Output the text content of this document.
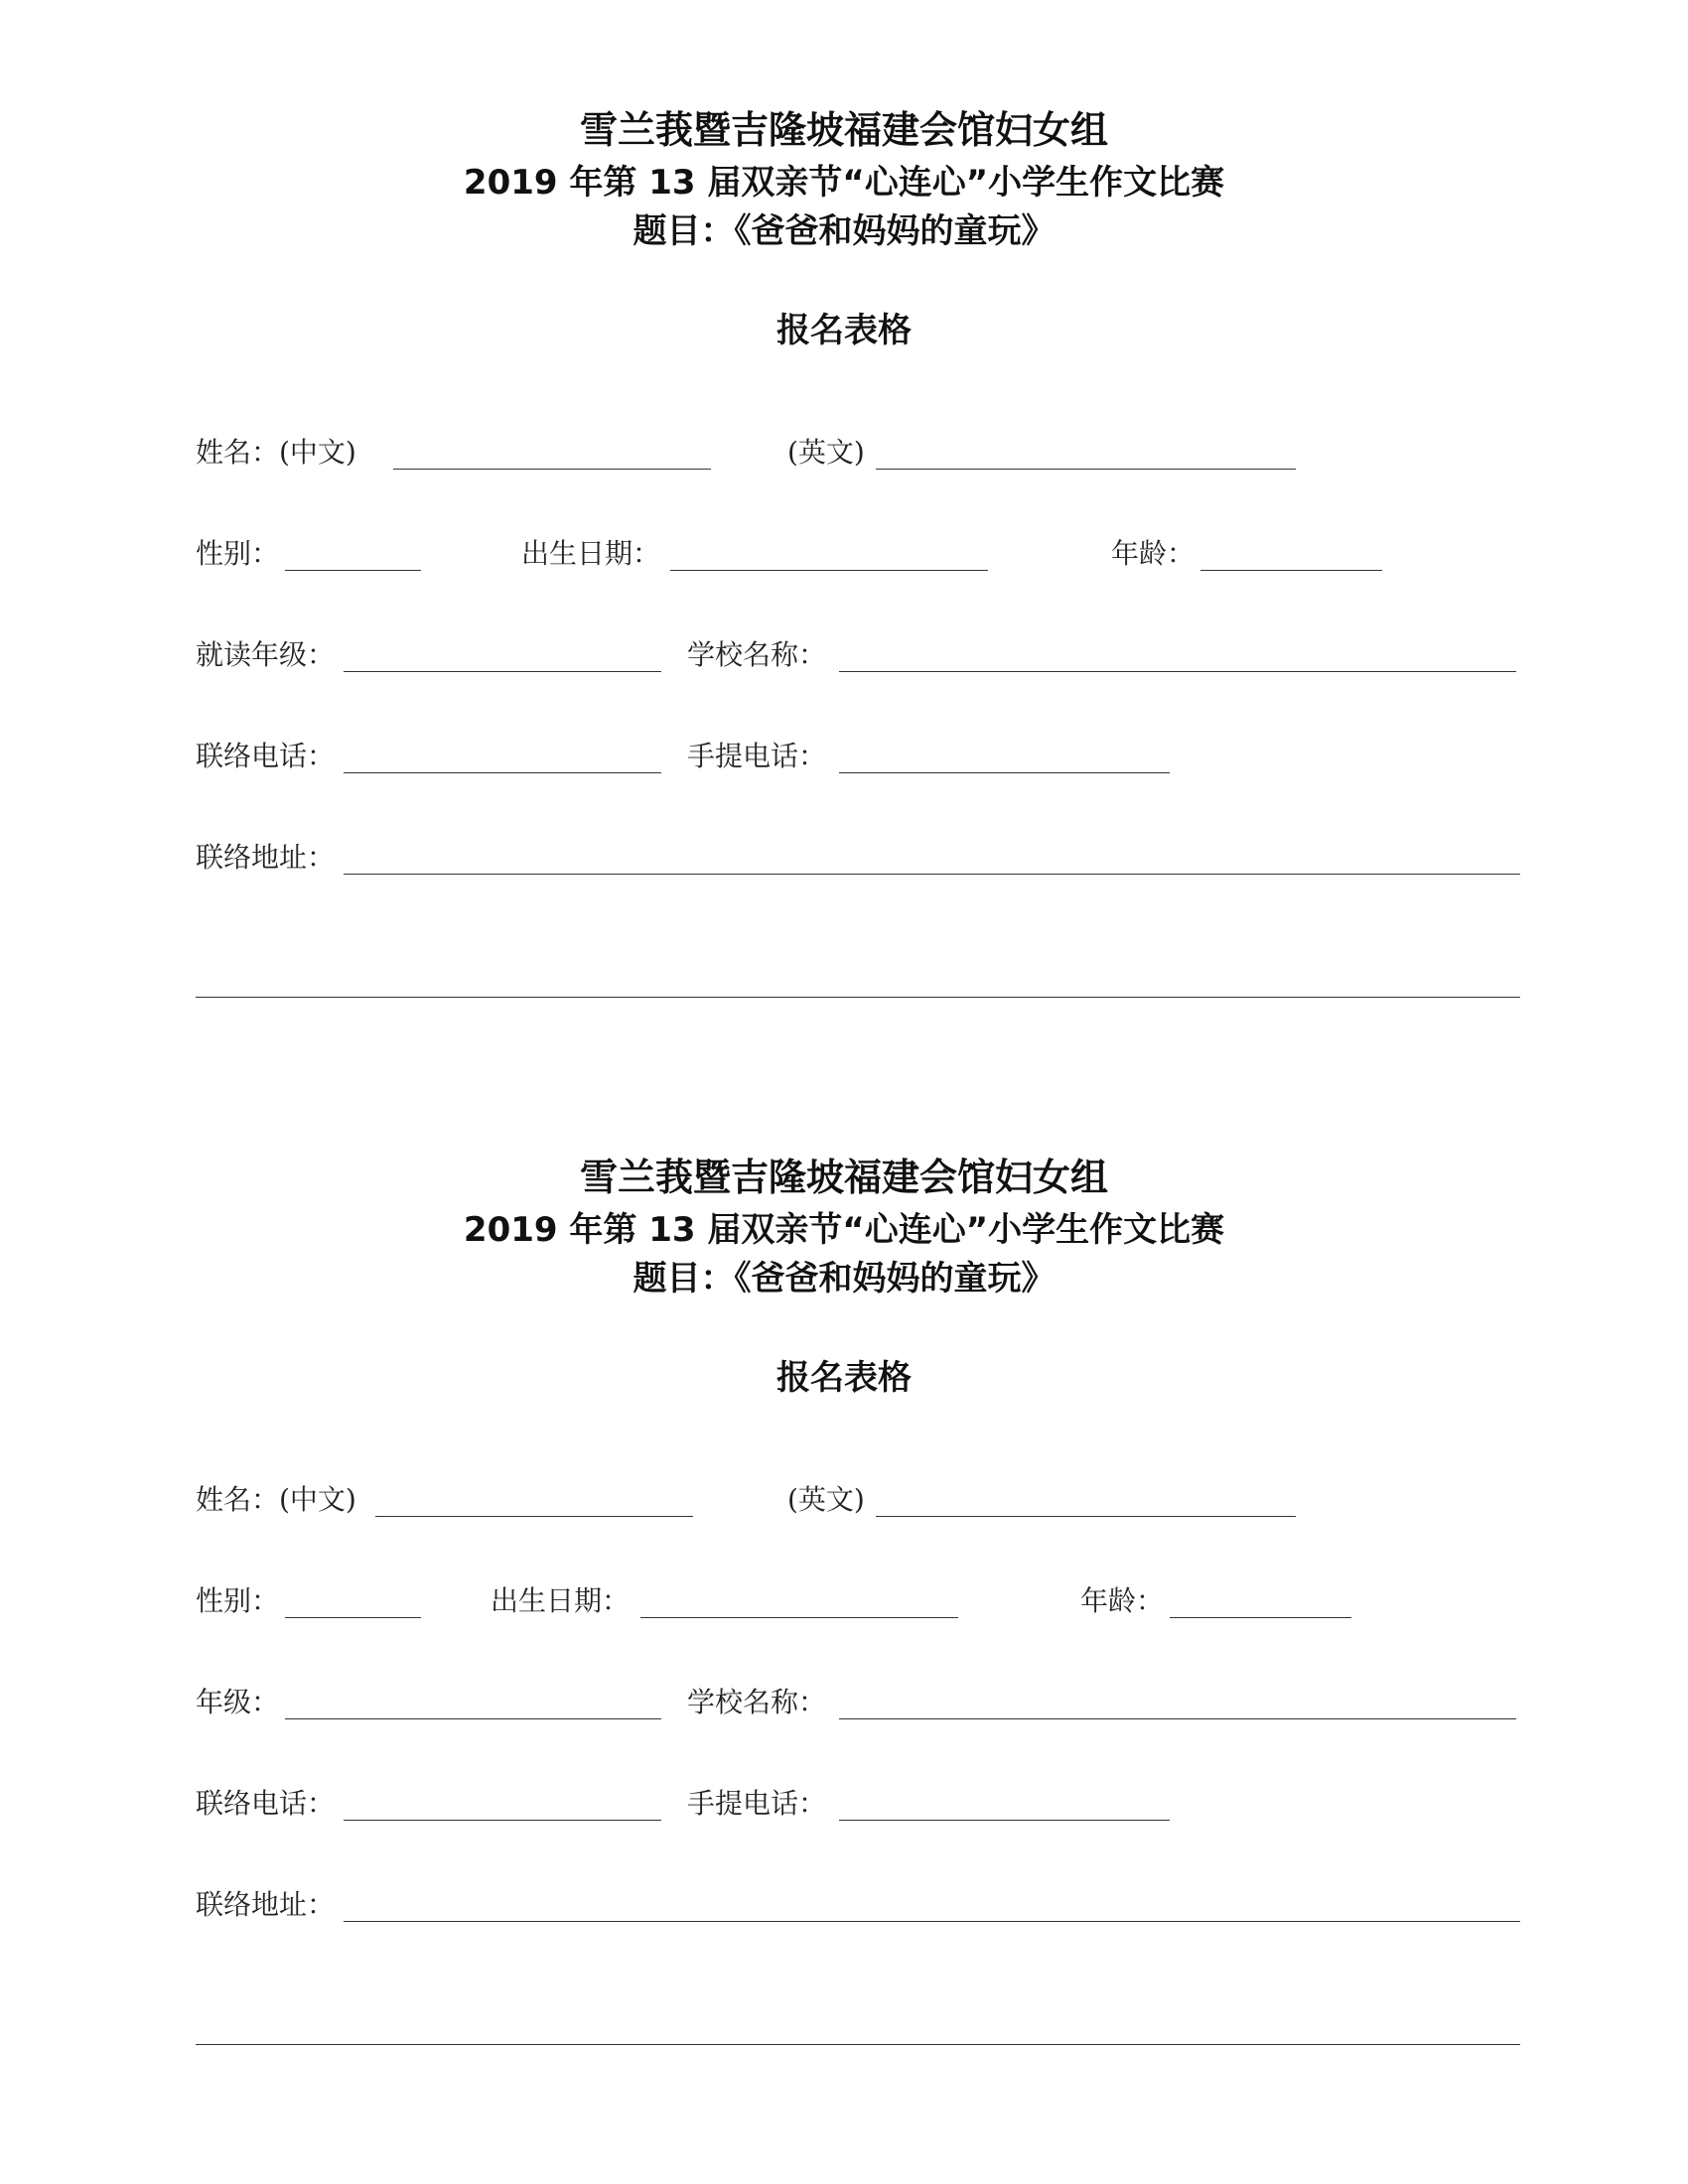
雪兰莪暨吉隆坡福建会馆妇女组
2019 年第 13 届双亲节“心连心”小学生作文比赛
题目：《爸爸和妈妈的童玩》
报名表格
姓名：(中文)	(英文)
性别：	出生日期：	年龄：
就读年级：	学校名称：
联络电话：	手提电话：
联络地址：
雪兰莪暨吉隆坡福建会馆妇女组
2019 年第 13 届双亲节“心连心”小学生作文比赛
题目：《爸爸和妈妈的童玩》
报名表格
姓名：(中文)	(英文)
性别：	出生日期：	年龄：
年级：	学校名称：
联络电话：	手提电话：
联络地址：
